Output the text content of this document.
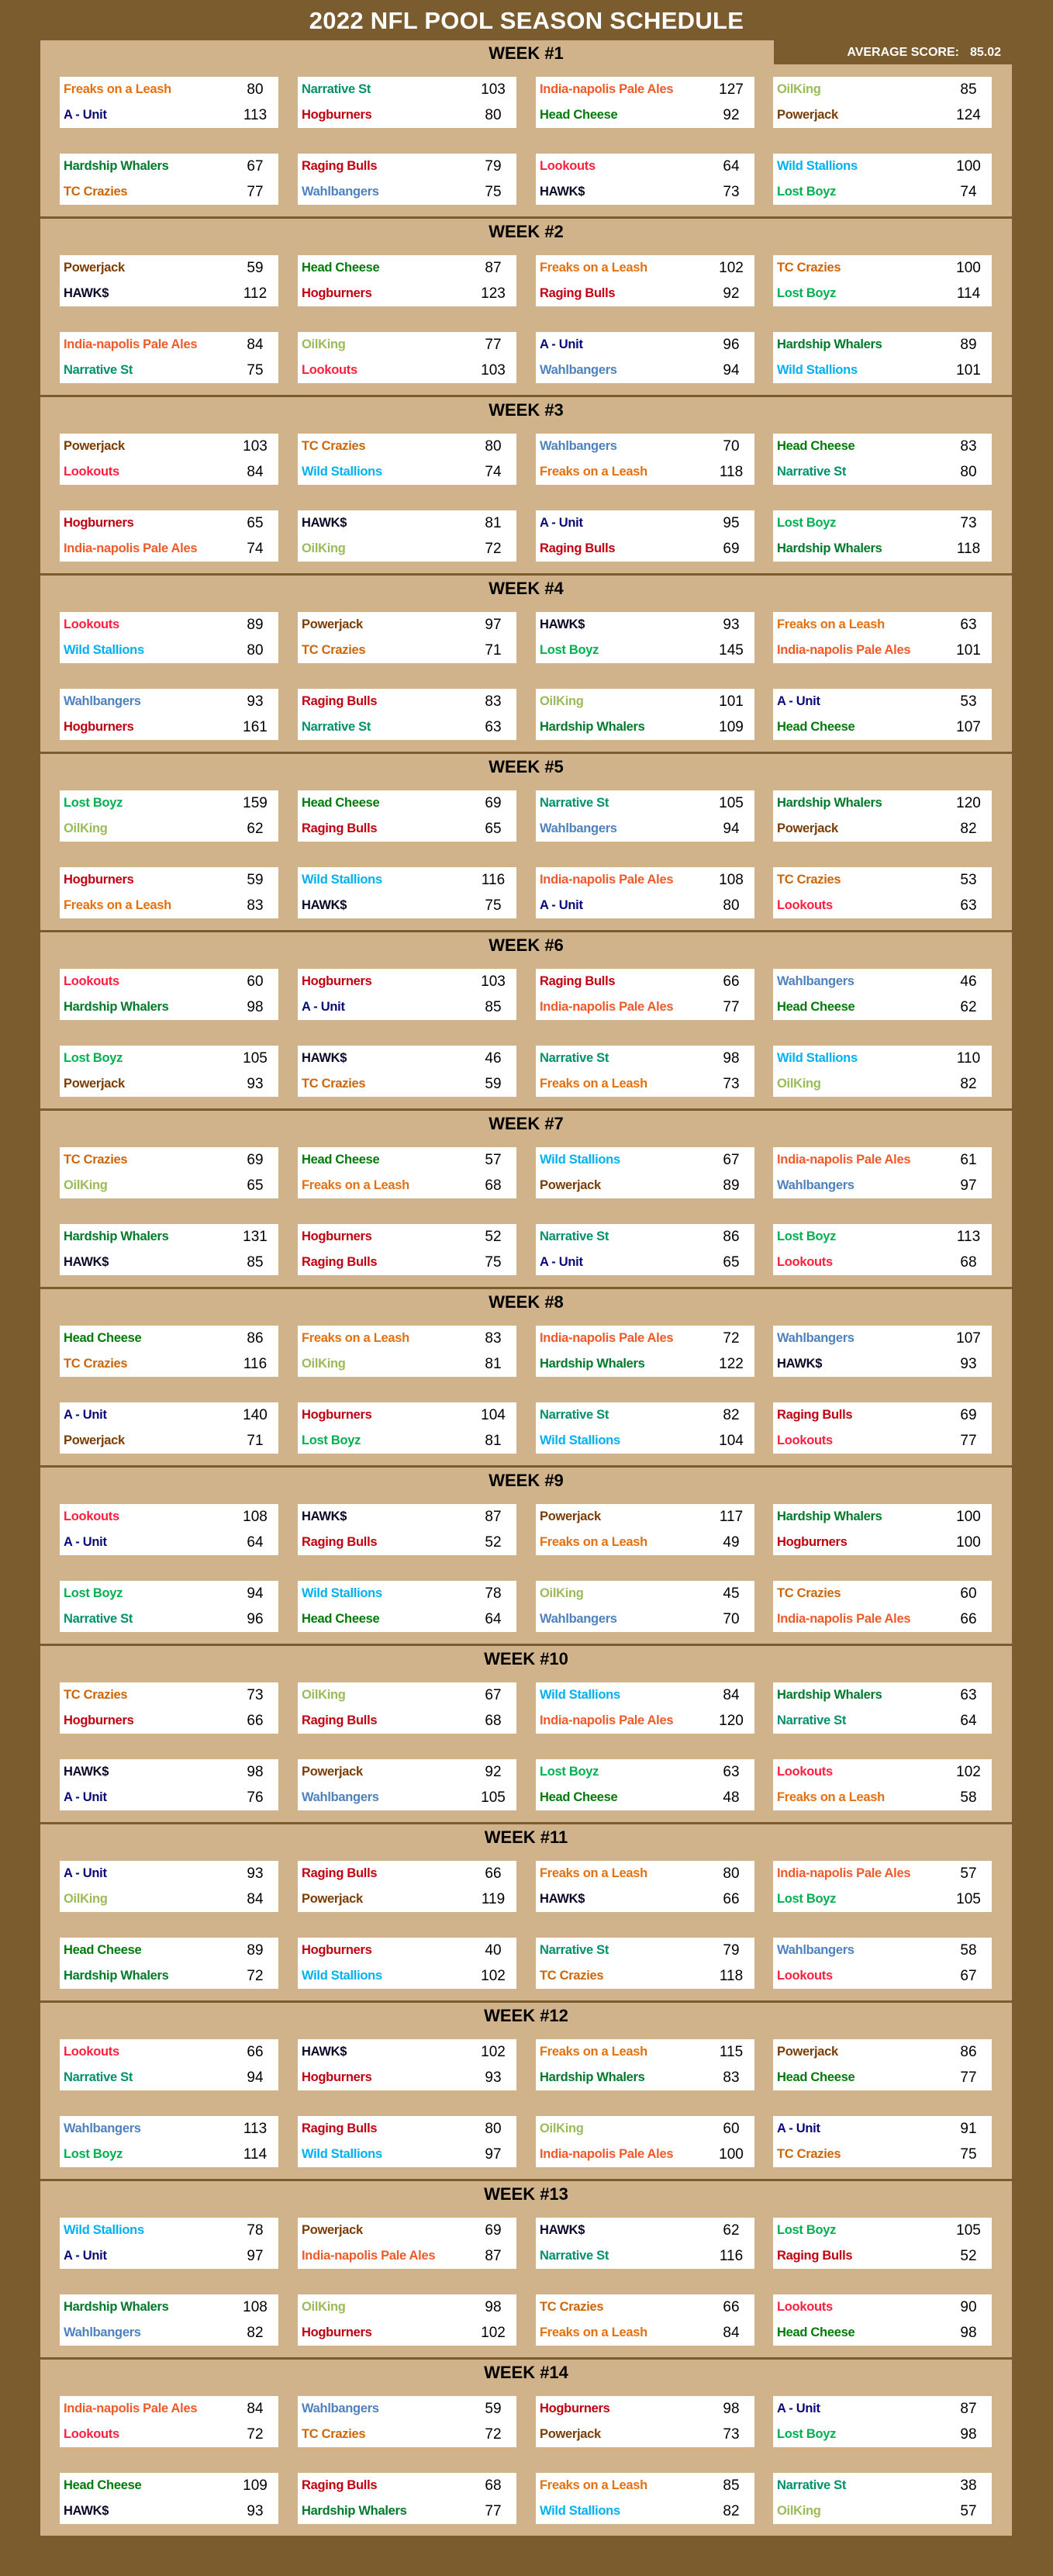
2022 NFL POOL SEASON SCHEDULE
WEEK #1	AVERAGE SCORE: 85.02
Freaks on a Leash	80
A - Unit	113
Narrative St	103
Hogburners	80
India-napolis Pale Ales	127
Head Cheese	92
OilKing	85
Powerjack	124
Hardship Whalers	67
TC Crazies	77
Raging Bulls	79
Wahlbangers	75
Lookouts	64
HAWK$	73
Wild Stallions	100
Lost Boyz	74
WEEK #2
Powerjack	59
HAWK$	112
Head Cheese	87
Hogburners	123
Freaks on a Leash	102
Raging Bulls	92
TC Crazies	100
Lost Boyz	114
India-napolis Pale Ales	84
Narrative St	75
OilKing	77
Lookouts	103
A - Unit	96
Wahlbangers	94
Hardship Whalers	89
Wild Stallions	101
WEEK #3
Powerjack	103
Lookouts	84
TC Crazies	80
Wild Stallions	74
Wahlbangers	70
Freaks on a Leash	118
Head Cheese	83
Narrative St	80
Hogburners	65
India-napolis Pale Ales	74
HAWK$	81
OilKing	72
A - Unit	95
Raging Bulls	69
Lost Boyz	73
Hardship Whalers	118
WEEK #4
Lookouts	89
Wild Stallions	80
Powerjack	97
TC Crazies	71
HAWK$	93
Lost Boyz	145
Freaks on a Leash	63
India-napolis Pale Ales	101
Wahlbangers	93
Hogburners	161
Raging Bulls	83
Narrative St	63
OilKing	101
Hardship Whalers	109
A - Unit	53
Head Cheese	107
WEEK #5
Lost Boyz	159
OilKing	62
Head Cheese	69
Raging Bulls	65
Narrative St	105
Wahlbangers	94
Hardship Whalers	120
Powerjack	82
Hogburners	59
Freaks on a Leash	83
Wild Stallions	116
HAWK$	75
India-napolis Pale Ales	108
A - Unit	80
TC Crazies	53
Lookouts	63
WEEK #6
Lookouts	60
Hardship Whalers	98
Hogburners	103
A - Unit	85
Raging Bulls	66
India-napolis Pale Ales	77
Wahlbangers	46
Head Cheese	62
Lost Boyz	105
Powerjack	93
HAWK$	46
TC Crazies	59
Narrative St	98
Freaks on a Leash	73
Wild Stallions	110
OilKing	82
WEEK #7
TC Crazies	69
OilKing	65
Head Cheese	57
Freaks on a Leash	68
Wild Stallions	67
Powerjack	89
India-napolis Pale Ales	61
Wahlbangers	97
Hardship Whalers	131
HAWK$	85
Hogburners	52
Raging Bulls	75
Narrative St	86
A - Unit	65
Lost Boyz	113
Lookouts	68
WEEK #8
Head Cheese	86
TC Crazies	116
Freaks on a Leash	83
OilKing	81
India-napolis Pale Ales	72
Hardship Whalers	122
Wahlbangers	107
HAWK$	93
A - Unit	140
Powerjack	71
Hogburners	104
Lost Boyz	81
Narrative St	82
Wild Stallions	104
Raging Bulls	69
Lookouts	77
WEEK #9
Lookouts	108
A - Unit	64
HAWK$	87
Raging Bulls	52
Powerjack	117
Freaks on a Leash	49
Hardship Whalers	100
Hogburners	100
Lost Boyz	94
Narrative St	96
Wild Stallions	78
Head Cheese	64
OilKing	45
Wahlbangers	70
TC Crazies	60
India-napolis Pale Ales	66
WEEK #10
TC Crazies	73
Hogburners	66
OilKing	67
Raging Bulls	68
Wild Stallions	84
India-napolis Pale Ales	120
Hardship Whalers	63
Narrative St	64
HAWK$	98
A - Unit	76
Powerjack	92
Wahlbangers	105
Lost Boyz	63
Head Cheese	48
Lookouts	102
Freaks on a Leash	58
WEEK #11
A - Unit	93
OilKing	84
Raging Bulls	66
Powerjack	119
Freaks on a Leash	80
HAWK$	66
India-napolis Pale Ales	57
Lost Boyz	105
Head Cheese	89
Hardship Whalers	72
Hogburners	40
Wild Stallions	102
Narrative St	79
TC Crazies	118
Wahlbangers	58
Lookouts	67
WEEK #12
Lookouts	66
Narrative St	94
HAWK$	102
Hogburners	93
Freaks on a Leash	115
Hardship Whalers	83
Powerjack	86
Head Cheese	77
Wahlbangers	113
Lost Boyz	114
Raging Bulls	80
Wild Stallions	97
OilKing	60
India-napolis Pale Ales	100
A - Unit	91
TC Crazies	75
WEEK #13
Wild Stallions	78
A - Unit	97
Powerjack	69
India-napolis Pale Ales	87
HAWK$	62
Narrative St	116
Lost Boyz	105
Raging Bulls	52
Hardship Whalers	108
Wahlbangers	82
OilKing	98
Hogburners	102
TC Crazies	66
Freaks on a Leash	84
Lookouts	90
Head Cheese	98
WEEK #14
India-napolis Pale Ales	84
Lookouts	72
Wahlbangers	59
TC Crazies	72
Hogburners	98
Powerjack	73
A - Unit	87
Lost Boyz	98
Head Cheese	109
HAWK$	93
Raging Bulls	68
Hardship Whalers	77
Freaks on a Leash	85
Wild Stallions	82
Narrative St	38
OilKing	57
